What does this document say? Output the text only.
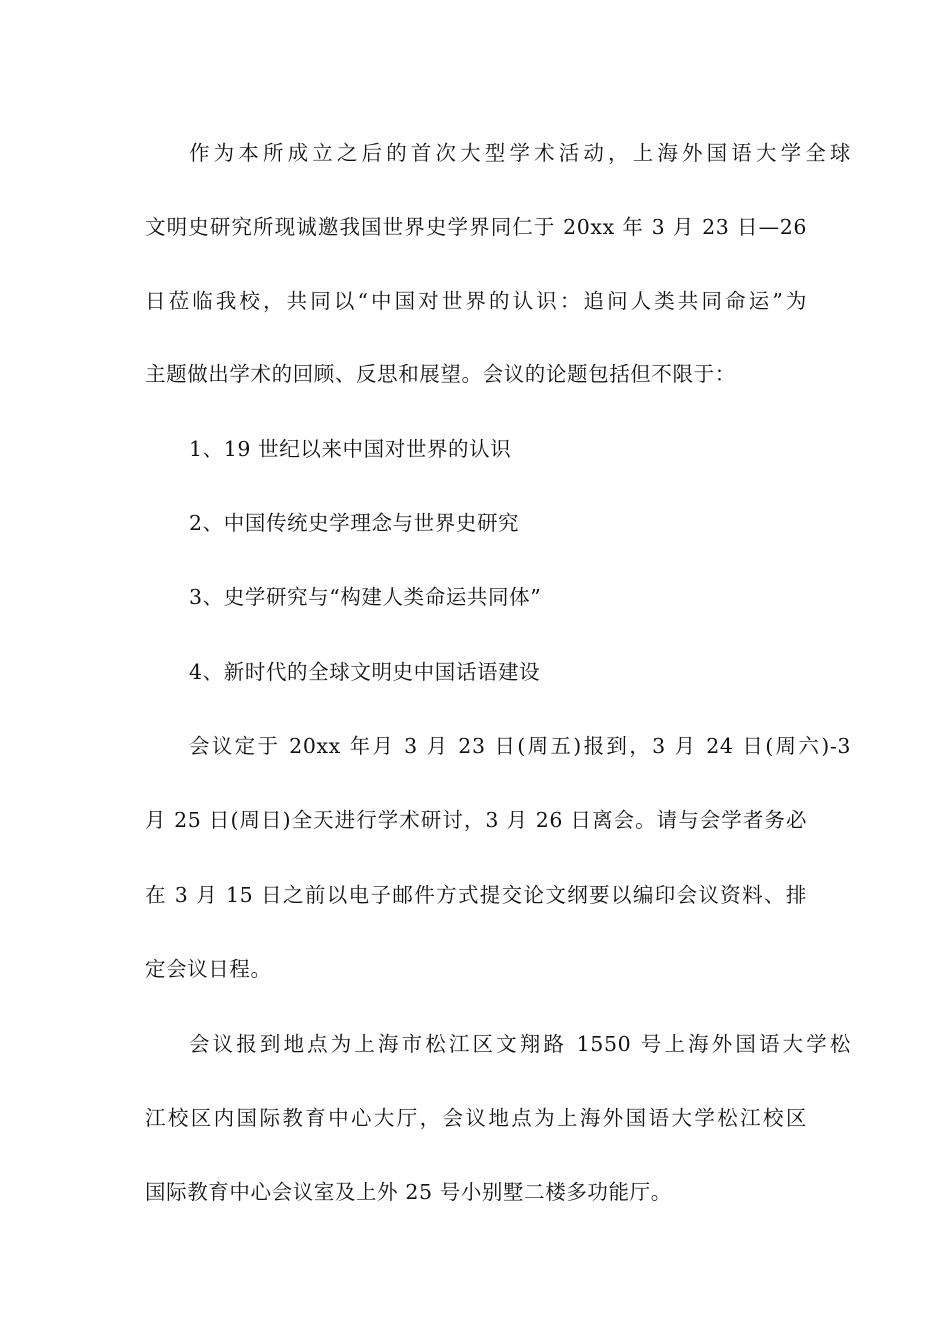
作为本所成立之后的首次大型学术活动，上海外国语大学全球
文明史研究所现诚邀我国世界史学界同仁于 20xx 年 3 月 23 日—26
日莅临我校，共同以“中国对世界的认识：追问人类共同命运”为
主题做出学术的回顾、反思和展望。会议的论题包括但不限于：
1、19 世纪以来中国对世界的认识
2、中国传统史学理念与世界史研究
3、史学研究与“构建人类命运共同体”
4、新时代的全球文明史中国话语建设
会议定于 20xx 年月 3 月 23 日(周五)报到，3 月 24 日(周六)-3
月 25 日(周日)全天进行学术研讨，3 月 26 日离会。请与会学者务必
在 3 月 15 日之前以电子邮件方式提交论文纲要以编印会议资料、排
定会议日程。
会议报到地点为上海市松江区文翔路 1550 号上海外国语大学松
江校区内国际教育中心大厅，会议地点为上海外国语大学松江校区
国际教育中心会议室及上外 25 号小别墅二楼多功能厅。
